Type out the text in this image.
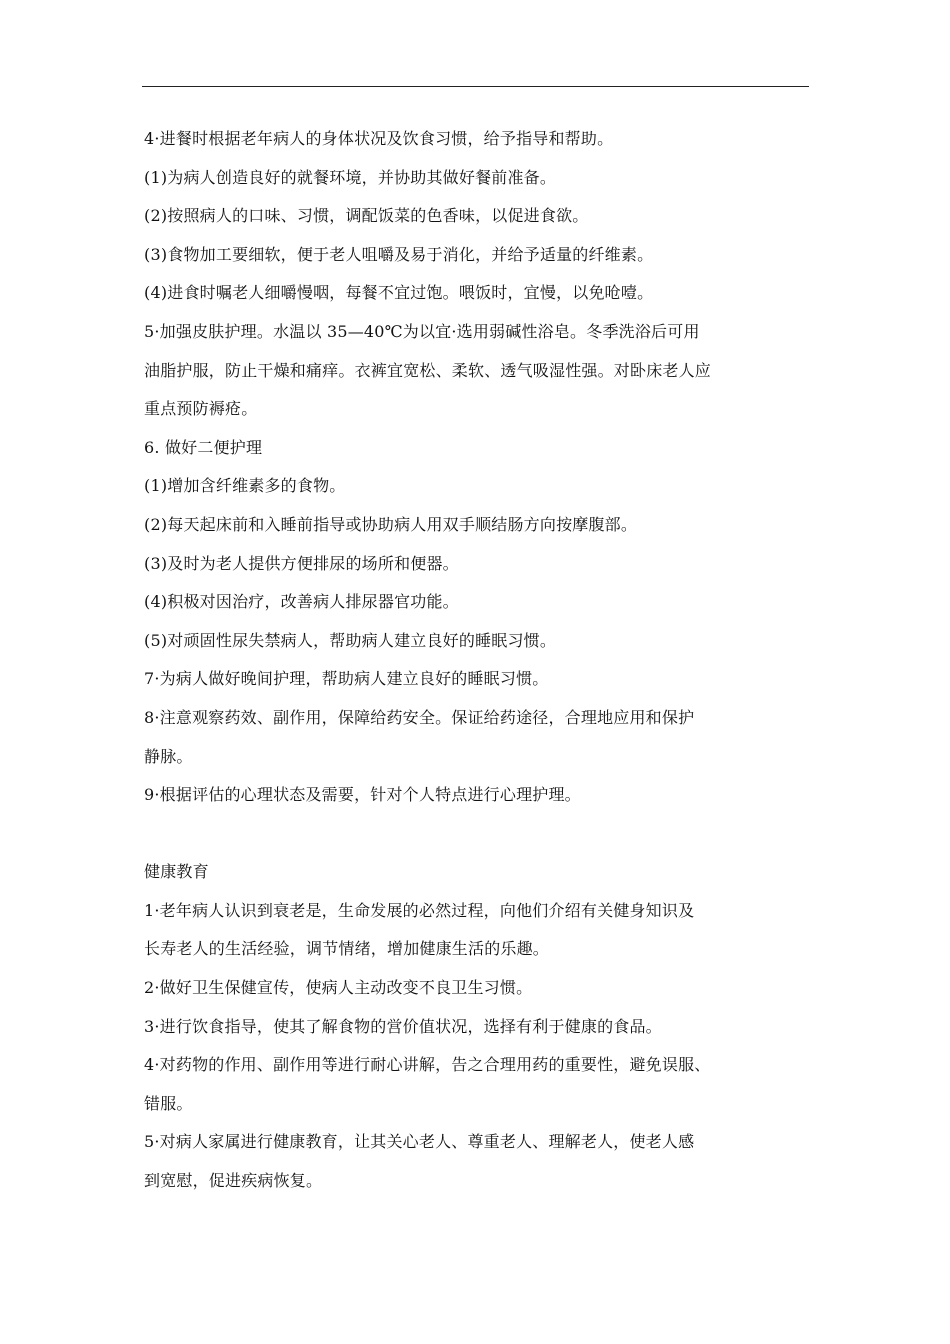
4·进餐时根据老年病人的身体状况及饮食习惯，给予指导和帮助。
(1)为病人创造良好的就餐环境，并协助其做好餐前准备。
(2)按照病人的口味、习惯，调配饭菜的色香味，以促进食欲。
(3)食物加工要细软，便于老人咀嚼及易于消化，并给予适量的纤维素。
(4)进食时嘱老人细嚼慢咽，每餐不宜过饱。喂饭时，宜慢，以免呛噎。
5·加强皮肤护理。水温以 35—40℃为以宜·选用弱碱性浴皂。冬季洗浴后可用
油脂护服，防止干燥和痛痒。衣裤宜宽松、柔软、透气吸湿性强。对卧床老人应
重点预防褥疮。
6. 做好二便护理
(1)增加含纤维素多的食物。
(2)每天起床前和入睡前指导或协助病人用双手顺结肠方向按摩腹部。
(3)及时为老人提供方便排尿的场所和便器。
(4)积极对因治疗，改善病人排尿器官功能。
(5)对顽固性尿失禁病人，帮助病人建立良好的睡眠习惯。
7·为病人做好晚间护理，帮助病人建立良好的睡眠习惯。
8·注意观察药效、副作用，保障给药安全。保证给药途径，合理地应用和保护
静脉。
9·根据评估的心理状态及需要，针对个人特点进行心理护理。
健康教育
1·老年病人认识到衰老是，生命发展的必然过程，向他们介绍有关健身知识及
长寿老人的生活经验，调节情绪，增加健康生活的乐趣。
2·做好卫生保健宣传，使病人主动改变不良卫生习惯。
3·进行饮食指导，使其了解食物的営价值状况，选择有利于健康的食品。
4·对药物的作用、副作用等进行耐心讲解，告之合理用药的重要性，避免误服、
错服。
5·对病人家属进行健康教育，让其关心老人、尊重老人、理解老人，使老人感
到宽慰，促进疾病恢复。
